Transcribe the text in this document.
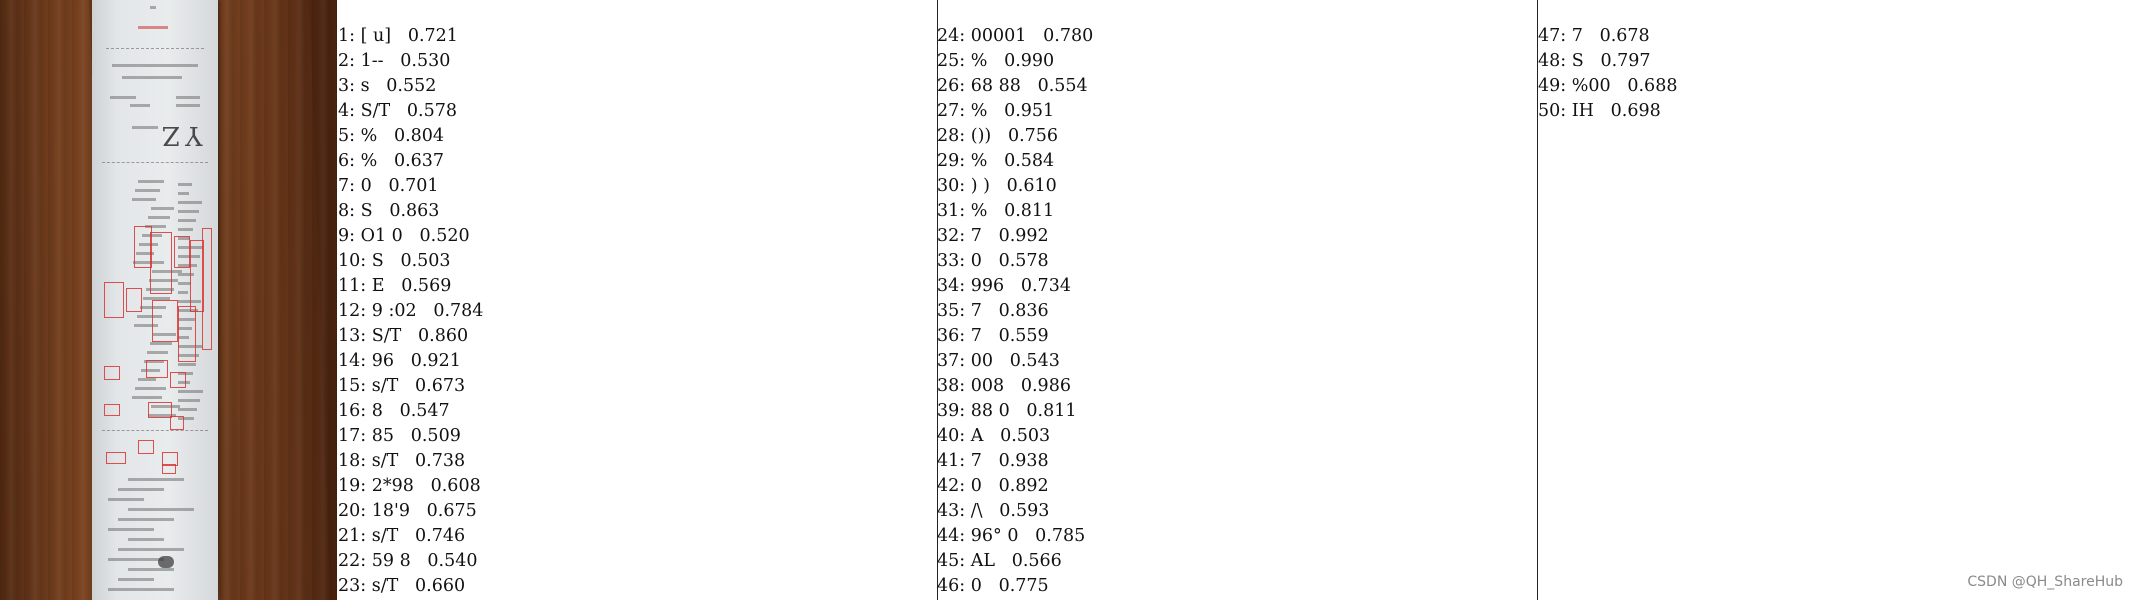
Y Z
1: [ u] 0.721
2: 1-- 0.530
3: s 0.552
4: S/T 0.578
5: % 0.804
6: % 0.637
7: 0 0.701
8: S 0.863
9: O1 0 0.520
10: S 0.503
11: E 0.569
12: 9 :02 0.784
13: S/T 0.860
14: 96 0.921
15: s/T 0.673
16: 8 0.547
17: 85 0.509
18: s/T 0.738
19: 2*98 0.608
20: 18'9 0.675
21: s/T 0.746
22: 59 8 0.540
23: s/T 0.660
24: 00001 0.780
25: % 0.990
26: 68 88 0.554
27: % 0.951
28: ()) 0.756
29: % 0.584
30: ) ) 0.610
31: % 0.811
32: 7 0.992
33: 0 0.578
34: 996 0.734
35: 7 0.836
36: 7 0.559
37: 00 0.543
38: 008 0.986
39: 88 0 0.811
40: A 0.503
41: 7 0.938
42: 0 0.892
43: /\ 0.593
44: 96° 0 0.785
45: AL 0.566
46: 0 0.775
47: 7 0.678
48: S 0.797
49: %00 0.688
50: IH 0.698
CSDN @QH_ShareHub
